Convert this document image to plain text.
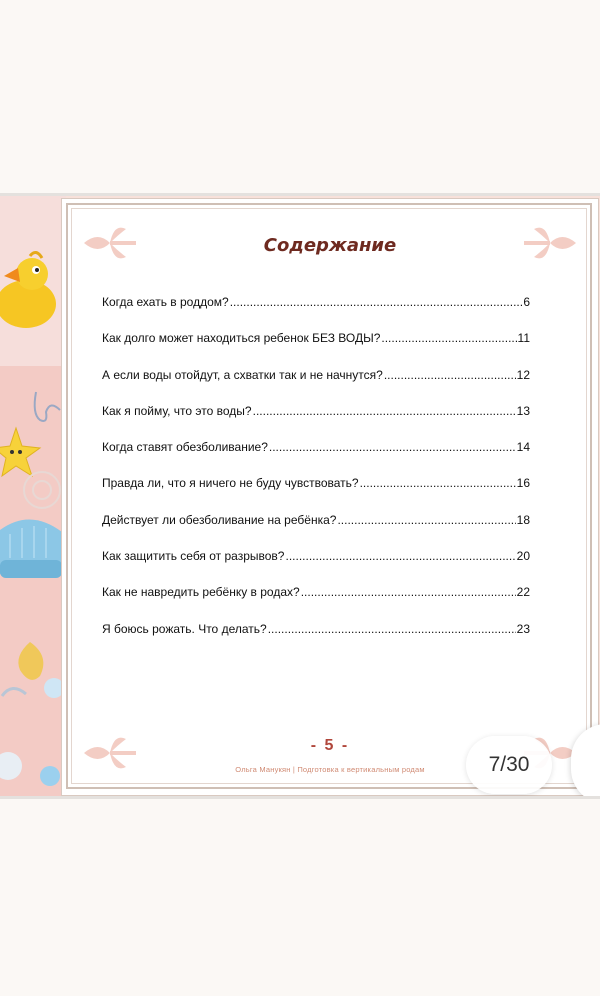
Содержание
Когда ехать в роддом? .....	6
Как долго может находиться ребенок БЕЗ ВОДЫ? .....	11
А если воды отойдут, а схватки так и не начнутся? .....	12
Как я пойму, что это воды? .....	13
Когда ставят обезболивание? .....	14
Правда ли, что я ничего не буду чувствовать? .....	16
Действует ли обезболивание на ребёнка? .....	18
Как защитить себя от разрывов? .....	20
Как не навредить ребёнку в родах? .....	22
Я боюсь рожать. Что делать? .....	23
- 5 -
Ольга Манукян | Подготовка к вертикальным родам	7/30
